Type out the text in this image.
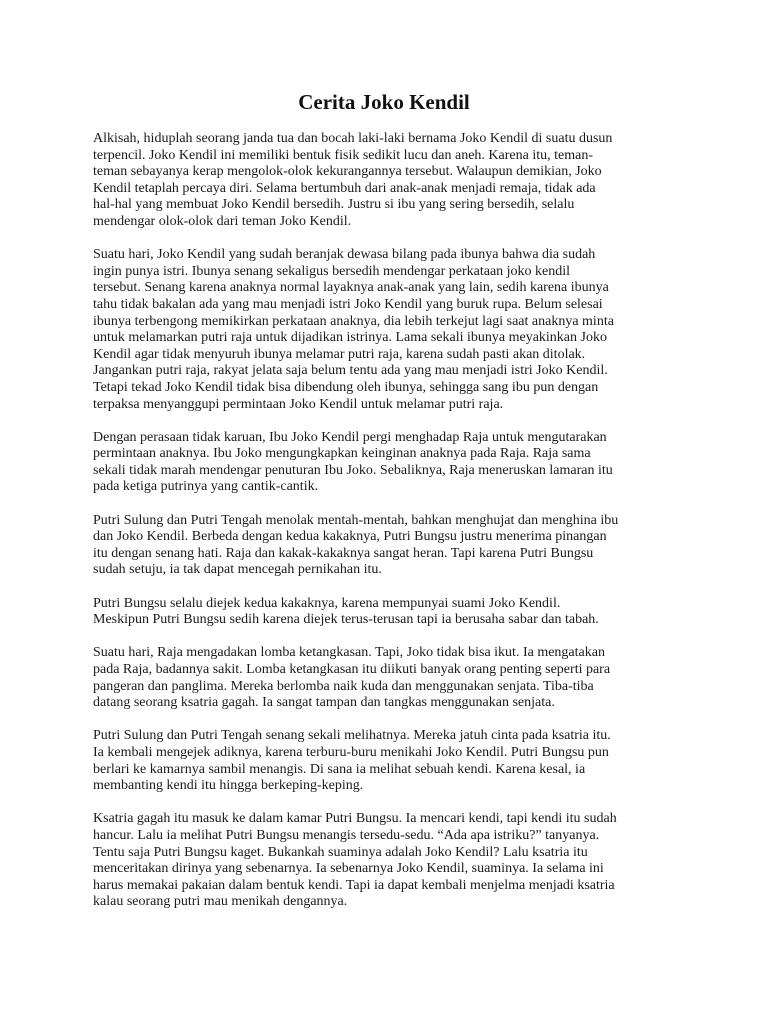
Cerita Joko Kendil

Alkisah, hiduplah seorang janda tua dan bocah laki-laki bernama Joko Kendil di suatu dusun
terpencil. Joko Kendil ini memiliki bentuk fisik sedikit lucu dan aneh. Karena itu, teman-
teman sebayanya kerap mengolok-olok kekurangannya tersebut. Walaupun demikian, Joko
Kendil tetaplah percaya diri. Selama bertumbuh dari anak-anak menjadi remaja, tidak ada
hal-hal yang membuat Joko Kendil bersedih. Justru si ibu yang sering bersedih, selalu
mendengar olok-olok dari teman Joko Kendil.

Suatu hari, Joko Kendil yang sudah beranjak dewasa bilang pada ibunya bahwa dia sudah
ingin punya istri. Ibunya senang sekaligus bersedih mendengar perkataan joko kendil
tersebut. Senang karena anaknya normal layaknya anak-anak yang lain, sedih karena ibunya
tahu tidak bakalan ada yang mau menjadi istri Joko Kendil yang buruk rupa. Belum selesai
ibunya terbengong memikirkan perkataan anaknya, dia lebih terkejut lagi saat anaknya minta
untuk melamarkan putri raja untuk dijadikan istrinya. Lama sekali ibunya meyakinkan Joko
Kendil agar tidak menyuruh ibunya melamar putri raja, karena sudah pasti akan ditolak.
Jangankan putri raja, rakyat jelata saja belum tentu ada yang mau menjadi istri Joko Kendil.
Tetapi tekad Joko Kendil tidak bisa dibendung oleh ibunya, sehingga sang ibu pun dengan
terpaksa menyanggupi permintaan Joko Kendil untuk melamar putri raja.

Dengan perasaan tidak karuan, Ibu Joko Kendil pergi menghadap Raja untuk mengutarakan
permintaan anaknya. Ibu Joko mengungkapkan keinginan anaknya pada Raja. Raja sama
sekali tidak marah mendengar penuturan Ibu Joko. Sebaliknya, Raja meneruskan lamaran itu
pada ketiga putrinya yang cantik-cantik.

Putri Sulung dan Putri Tengah menolak mentah-mentah, bahkan menghujat dan menghina ibu
dan Joko Kendil. Berbeda dengan kedua kakaknya, Putri Bungsu justru menerima pinangan
itu dengan senang hati. Raja dan kakak-kakaknya sangat heran. Tapi karena Putri Bungsu
sudah setuju, ia tak dapat mencegah pernikahan itu.

Putri Bungsu selalu diejek kedua kakaknya, karena mempunyai suami Joko Kendil.
Meskipun Putri Bungsu sedih karena diejek terus-terusan tapi ia berusaha sabar dan tabah.

Suatu hari, Raja mengadakan lomba ketangkasan. Tapi, Joko tidak bisa ikut. Ia mengatakan
pada Raja, badannya sakit. Lomba ketangkasan itu diikuti banyak orang penting seperti para
pangeran dan panglima. Mereka berlomba naik kuda dan menggunakan senjata. Tiba-tiba
datang seorang ksatria gagah. Ia sangat tampan dan tangkas menggunakan senjata.

Putri Sulung dan Putri Tengah senang sekali melihatnya. Mereka jatuh cinta pada ksatria itu.
Ia kembali mengejek adiknya, karena terburu-buru menikahi Joko Kendil. Putri Bungsu pun
berlari ke kamarnya sambil menangis. Di sana ia melihat sebuah kendi. Karena kesal, ia
membanting kendi itu hingga berkeping-keping.

Ksatria gagah itu masuk ke dalam kamar Putri Bungsu. Ia mencari kendi, tapi kendi itu sudah
hancur. Lalu ia melihat Putri Bungsu menangis tersedu-sedu. “Ada apa istriku?” tanyanya.
Tentu saja Putri Bungsu kaget. Bukankah suaminya adalah Joko Kendil? Lalu ksatria itu
menceritakan dirinya yang sebenarnya. Ia sebenarnya Joko Kendil, suaminya. Ia selama ini
harus memakai pakaian dalam bentuk kendi. Tapi ia dapat kembali menjelma menjadi ksatria
kalau seorang putri mau menikah dengannya.
